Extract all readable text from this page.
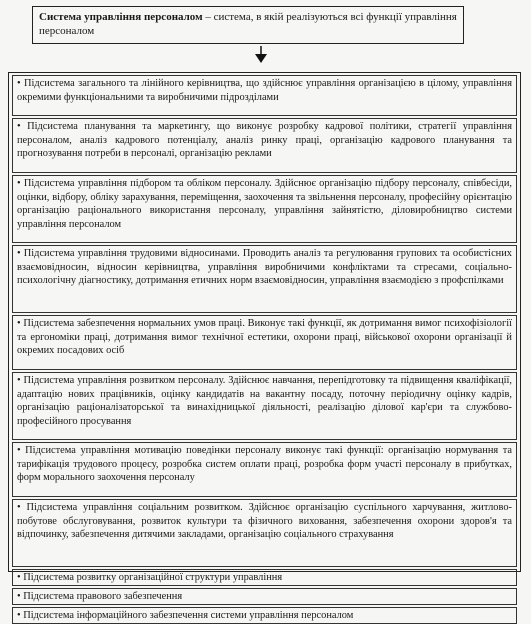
Система управління персоналом – система, в якій реалізуються всі функції управління персоналом
• Підсистема загального та лінійного керівництва, що здійснює управління організацією в цілому, управління окремими функціональними та виробничими підрозділами
• Підсистема планування та маркетингу, що виконує розробку кадрової політики, стратегії управління персоналом, аналіз кадрового потенціалу, аналіз ринку праці, організацію кадрового планування та прогнозування потреби в персоналі, організацію реклами
• Підсистема управління підбором та обліком персоналу. Здійснює організацію підбору персоналу, співбесіди, оцінки, відбору, обліку зарахування, переміщення, заохочення та звільнення персоналу, професійну орієнтацію організацію раціонального використання персоналу, управління зайнятістю, діловиробництво системи управління персоналом
• Підсистема управління трудовими відносинами. Проводить аналіз та регулювання групових та особистісних взаємовідносин, відносин керівництва, управління виробничими конфліктами та стресами, соціально-психологічну діагностику, дотримання етичних норм взаємовідносин, управління взаємодією з профспілками
• Підсистема забезпечення нормальних умов праці. Виконує такі функції, як дотримання вимог психофізіології та ергономіки праці, дотримання вимог технічної естетики, охорони праці, військової охорони організації й окремих посадових осіб
• Підсистема управління розвитком персоналу. Здійснює навчання, перепідготовку та підвищення кваліфікації, адаптацію нових працівників, оцінку кандидатів на вакантну посаду, поточну періодичну оцінку кадрів, організацію раціоналізаторської та винахідницької діяльності, реалізацію ділової кар'єри та службово-професійного просування
• Підсистема управління мотивацію поведінки персоналу виконує такі функції: організацію нормування та тарифікація трудового процесу, розробка систем оплати праці, розробка форм участі персоналу в прибутках, форм морального заохочення персоналу
• Підсистема управління соціальним розвитком. Здійснює організацію суспільного харчування, житлово-побутове обслуговування, розвиток культури та фізичного виховання, забезпечення охорони здоров'я та відпочинку, забезпечення дитячими закладами, організацію соціального страхування
• Підсистема розвитку організаційної структури управління
• Підсистема правового забезпечення
• Підсистема інформаційного забезпечення системи управління персоналом
